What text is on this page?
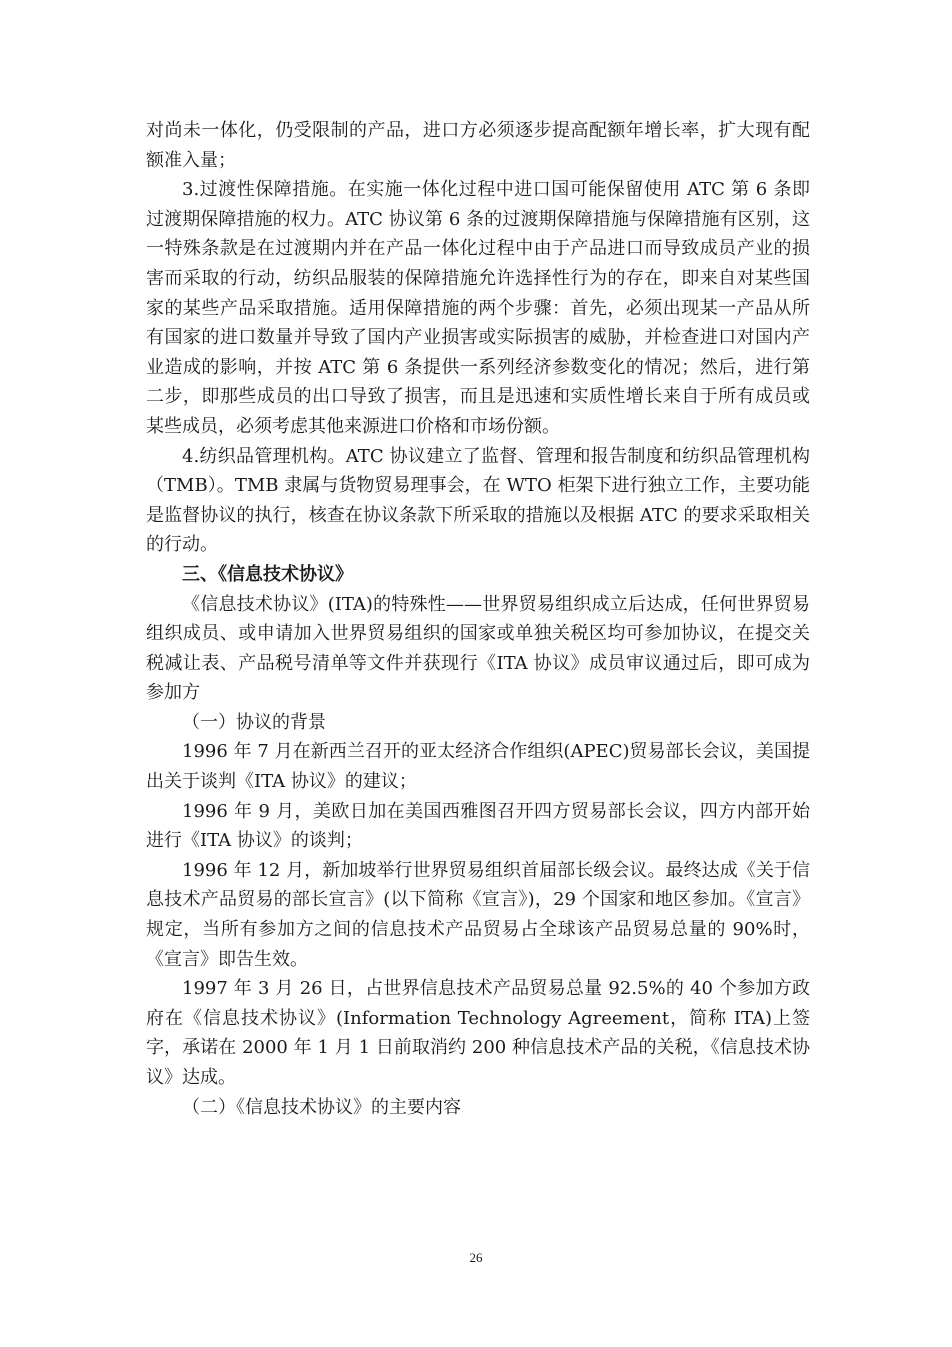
对尚未一体化，仍受限制的产品，进口方必须逐步提高配额年增长率，扩大现有配额准入量；

3.过渡性保障措施。在实施一体化过程中进口国可能保留使用 ATC 第 6 条即过渡期保障措施的权力。ATC 协议第 6 条的过渡期保障措施与保障措施有区别，这一特殊条款是在过渡期内并在产品一体化过程中由于产品进口而导致成员产业的损害而采取的行动，纺织品服装的保障措施允许选择性行为的存在，即来自对某些国家的某些产品采取措施。适用保障措施的两个步骤：首先，必须出现某一产品从所有国家的进口数量并导致了国内产业损害或实际损害的威胁，并检查进口对国内产业造成的影响，并按 ATC 第 6 条提供一系列经济参数变化的情况；然后，进行第二步，即那些成员的出口导致了损害，而且是迅速和实质性增长来自于所有成员或某些成员，必须考虑其他来源进口价格和市场份额。

4.纺织品管理机构。ATC 协议建立了监督、管理和报告制度和纺织品管理机构（TMB）。TMB 隶属与货物贸易理事会，在 WTO 柜架下进行独立工作，主要功能是监督协议的执行，核查在协议条款下所采取的措施以及根据 ATC 的要求采取相关的行动。

三、《信息技术协议》

《信息技术协议》(ITA)的特殊性——世界贸易组织成立后达成，任何世界贸易组织成员、或申请加入世界贸易组织的国家或单独关税区均可参加协议，在提交关税减让表、产品税号清单等文件并获现行《ITA 协议》成员审议通过后，即可成为参加方

（一）协议的背景

1996 年 7 月在新西兰召开的亚太经济合作组织(APEC)贸易部长会议，美国提出关于谈判《ITA 协议》的建议；

1996 年 9 月，美欧日加在美国西雅图召开四方贸易部长会议，四方内部开始进行《ITA 协议》的谈判；

1996 年 12 月，新加坡举行世界贸易组织首届部长级会议。最终达成《关于信息技术产品贸易的部长宣言》(以下简称《宣言》)，29 个国家和地区参加。《宣言》规定，当所有参加方之间的信息技术产品贸易占全球该产品贸易总量的 90%时，《宣言》即告生效。

1997 年 3 月 26 日，占世界信息技术产品贸易总量 92.5%的 40 个参加方政府在《信息技术协议》(Information Technology Agreement，简称 ITA)上签字，承诺在 2000 年 1 月 1 日前取消约 200 种信息技术产品的关税，《信息技术协议》达成。

（二）《信息技术协议》的主要内容

26
